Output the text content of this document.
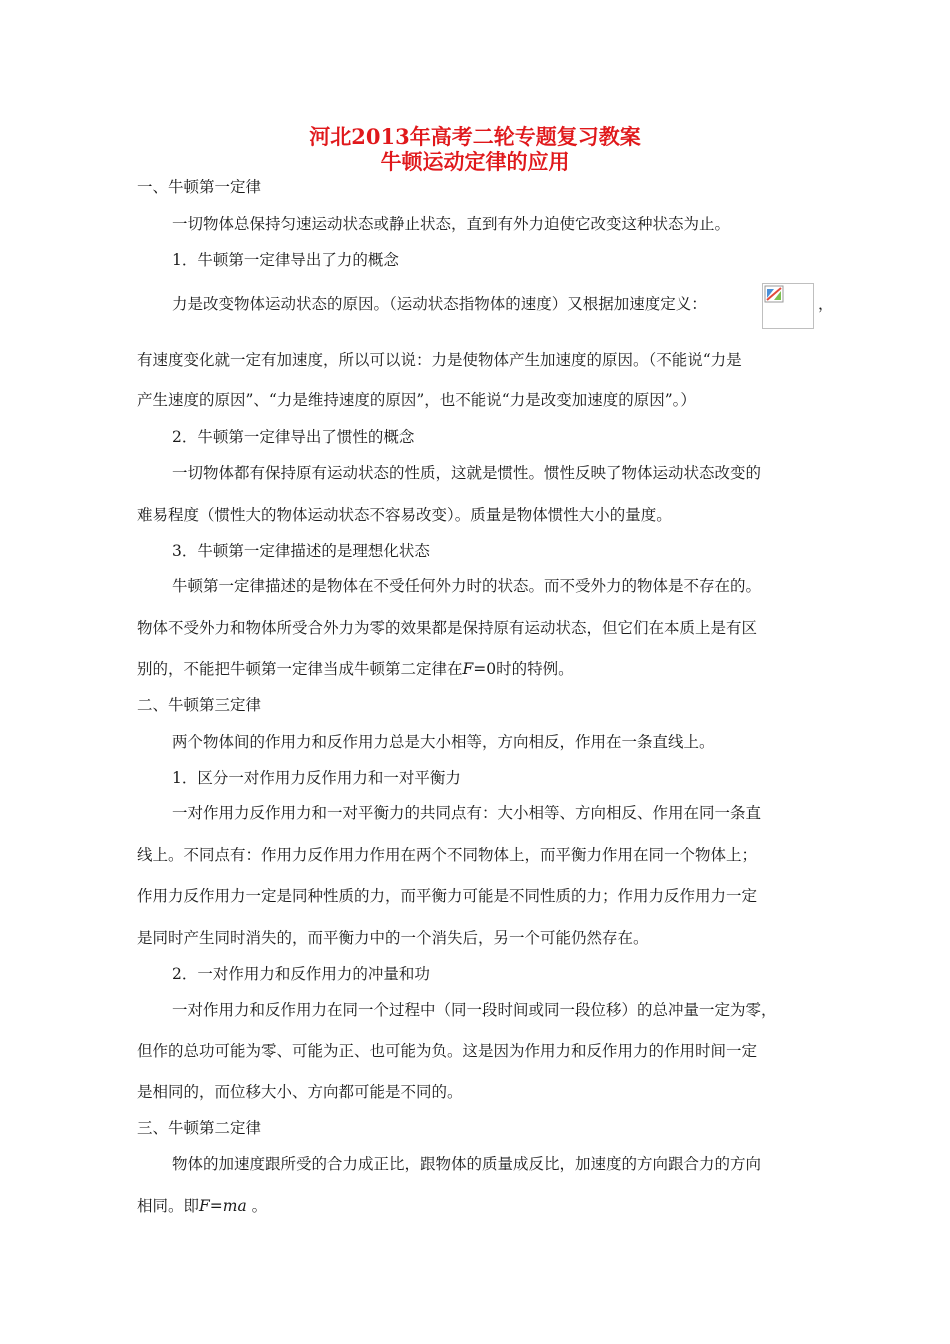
河北2013年高考二轮专题复习教案
牛顿运动定律的应用
一、牛顿第一定律
一切物体总保持匀速运动状态或静止状态，直到有外力迫使它改变这种状态为止。
1．牛顿第一定律导出了力的概念
力是改变物体运动状态的原因。（运动状态指物体的速度）又根据加速度定义：	，
有速度变化就一定有加速度，所以可以说：力是使物体产生加速度的原因。（不能说“力是
产生速度的原因”、“力是维持速度的原因”，也不能说“力是改变加速度的原因”。）
2．牛顿第一定律导出了惯性的概念
一切物体都有保持原有运动状态的性质，这就是惯性。惯性反映了物体运动状态改变的
难易程度（惯性大的物体运动状态不容易改变）。质量是物体惯性大小的量度。
3．牛顿第一定律描述的是理想化状态
牛顿第一定律描述的是物体在不受任何外力时的状态。而不受外力的物体是不存在的。
物体不受外力和物体所受合外力为零的效果都是保持原有运动状态，但它们在本质上是有区
别的，不能把牛顿第一定律当成牛顿第二定律在F=0时的特例。
二、牛顿第三定律
两个物体间的作用力和反作用力总是大小相等，方向相反，作用在一条直线上。
1．区分一对作用力反作用力和一对平衡力
一对作用力反作用力和一对平衡力的共同点有：大小相等、方向相反、作用在同一条直
线上。不同点有：作用力反作用力作用在两个不同物体上，而平衡力作用在同一个物体上；
作用力反作用力一定是同种性质的力，而平衡力可能是不同性质的力；作用力反作用力一定
是同时产生同时消失的，而平衡力中的一个消失后，另一个可能仍然存在。
2．一对作用力和反作用力的冲量和功
一对作用力和反作用力在同一个过程中（同一段时间或同一段位移）的总冲量一定为零，
但作的总功可能为零、可能为正、也可能为负。这是因为作用力和反作用力的作用时间一定
是相同的，而位移大小、方向都可能是不同的。
三、牛顿第二定律
物体的加速度跟所受的合力成正比，跟物体的质量成反比，加速度的方向跟合力的方向
相同。即F=ma 。
